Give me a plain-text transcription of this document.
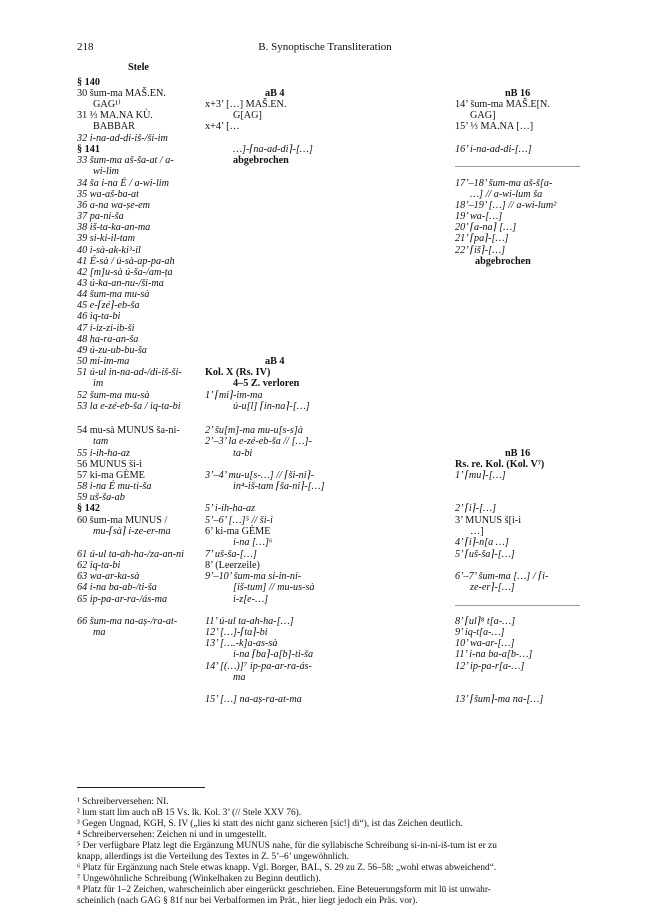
218	B. Synoptische Transliteration
Stele
§ 140
30 šum-ma MAŠ.EN.
GAG¹⁾
31 ⅓ MA.NA KÙ.
BABBAR
32 i-na-ad-di-iš-/ši-im
§ 141
33 šum-ma aš-ša-at / a-
wi-lim
34 ša i-na É / a-wi-lim
35 wa-aš-ba-at
36 a-na wa-ṣe-em
37 pa-ni-ša
38 iš-ta-ka-an-ma
39 si-ki-il-tam
40 i-sà-ak-ki³-il
41 É-sà / ú-sà-ap-pa-ah
42 [m]u-sà ú-ša-/am-ṭa
43 ú-ka-an-nu-/ši-ma
44 šum-ma mu-sà
45 e-⌈zé⌉-eb-ša
46 iq-ta-bi
47 i-iz-zi-ib-ši
48 ha-ra-an-ša
49 ú-zu-ub-bu-ša
50 mi-im-ma
51 ú-ul in-na-ad-/di-iš-ši-
im
52 šum-ma mu-sà
53 la e-zé-eb-ša / iq-ta-bi
54 mu-sà MUNUS ša-ni-
tam
55 i-ih-ha-az
56 MUNUS ši-i
57 ki-ma GÈME
58 i-na É mu-ti-ša
59 uš-ša-ab
§ 142
60 šum-ma MUNUS /
mu-⌈sà⌉ i-ze-er-ma
61 ú-ul ta-ah-ha-/za-an-ni
62 iq-ta-bi
63 wa-ar-ka-sà
64 i-na ba-ab-/ti-ša
65 ip-pa-ar-ra-/ás-ma
66 šum-ma na-aṣ-/ra-at-
ma
aB 4
x+3’ […] MAŠ.EN.
G[AG]
x+4’ […
…]-⌈na-ad-di⌉-[…]
abgebrochen
aB 4
Kol. X (Rs. IV)
4–5 Z. verloren
1’ ⌈mi⌉-im-ma
ú-u[l] ⌈in-na⌉-[…]
2’ šu[m]-ma mu-u[s-s]à
2’–3’ la e-zé-eb-ša // […]-
ta-bi
3’–4’ mu-u[s-…] // ⌈ši-ni⌉-
in⁴-iš-tam ⌈ša-ni⌉-[…]
5’ i-ih-ha-az
5’–6’ […]⁵ // ši-i
6’ ki-ma GÈME
i-na […]⁶
7’ uš-ša-[…]
8’ (Leerzeile)
9’–10’ šum-ma si-in-ni-
[iš-tum] // mu-us-sà
i-z[e-…]
11’ ú-ul ta-ah-ha-[…]
12’ […]-⌈ta⌉-bi
13’ [….-k]a-as-sà
i-na ⌈ba⌉-a[b]-ti-ša
14’ [(…)]⁷ ip-pa-ar-ra-ás-
ma
15’ […] na-aṣ-ra-at-ma
nB 16
14’ šum-ma MAŠ.E[N.
GAG]
15’ ⅓ MA.NA […]
16’ i-na-ad-di-[…]
17’–18’ šum-ma aš-š[a-
…] // a-wi-lum ša
18’–19’ […] // a-wi-lum²
19’ wa-[…]
20’ ⌈a-na⌉ […]
21’ ⌈pa⌉-[…]
22’ ⌈iš⌉-[…]
abgebrochen
nB 16
Rs. re. Kol. (Kol. V⁷)
1’ ⌈mu⌉-[…]
2’ ⌈i⌉-[…]
3’ MUNUS š[i-i
…]
4’ ⌈i⌉-n[a …]
5’ ⌈uš-ša⌉-[…]
6’–7’ šum-ma […] / ⌈i-
ze-er⌉-[…]
8’ ⌈ul⌉⁸ t[a-…]
9’ iq-t[a-…]
10’ wa-ar-[…]
11’ i-na ba-a[b-…]
12’ ip-pa-r[a-…]
13’ ⌈šum⌉-ma na-[…]
¹ Schreiberversehen: NI.
² lum statt lim auch nB 15 Vs. lk. Kol. 3’ (// Stele XXV 76).
³ Gegen Ungnad, KGH, S. IV („lies ki statt des nicht ganz sicheren [sic!] di“), ist das Zeichen deutlich.
⁴ Schreiberversehen: Zeichen ni und in umgestellt.
⁵ Der verfügbare Platz legt die Ergänzung MUNUS nahe, für die syllabische Schreibung si-in-ni-iš-tum ist er zu
knapp, allerdings ist die Verteilung des Textes in Z. 5’–6’ ungewöhnlich.
⁶ Platz für Ergänzung nach Stele etwas knapp. Vgl. Borger, BAL, S. 29 zu Z. 56–58: „wohl etwas abweichend“.
⁷ Ungewöhnliche Schreibung (Winkelhaken zu Beginn deutlich).
⁸ Platz für 1–2 Zeichen, wahrscheinlich aber eingerückt geschrieben. Eine Beteuerungsform mit lū ist unwahr-
scheinlich (nach GAG § 81f nur bei Verbalformen im Prät., hier liegt jedoch ein Präs. vor).
